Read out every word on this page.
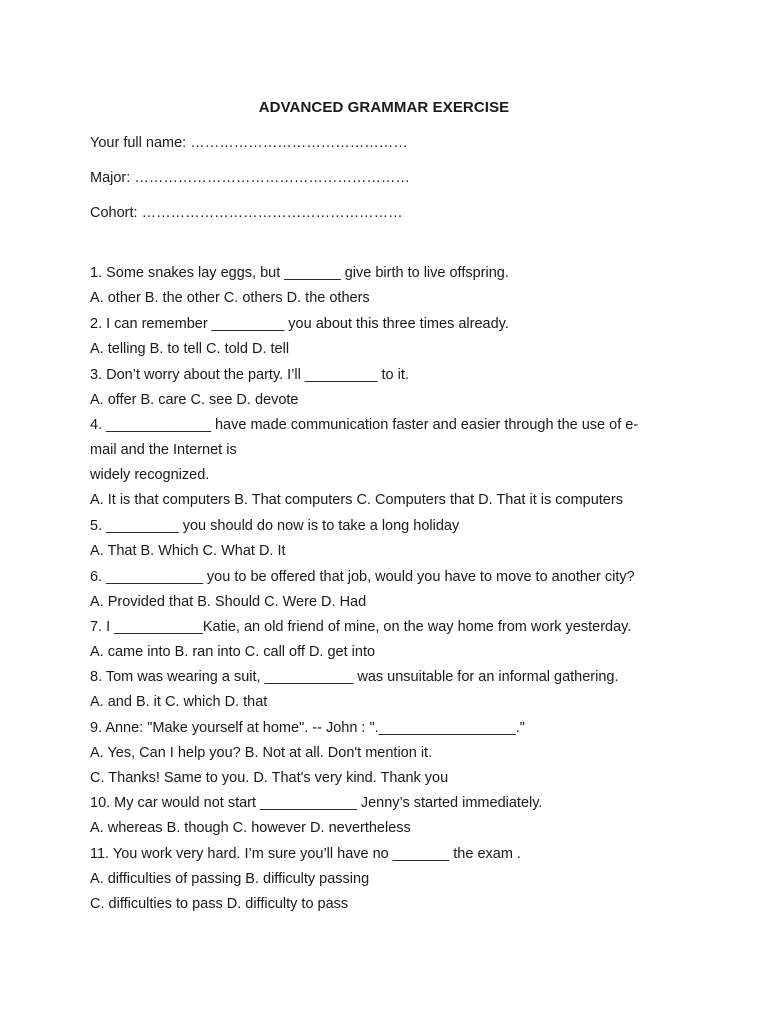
ADVANCED GRAMMAR EXERCISE
Your full name: ………………………………………
Major: …………………………………………………
Cohort: ………………………………………………
1. Some snakes lay eggs, but _______ give birth to live offspring.
A. other B. the other C. others D. the others
2. I can remember _________ you about this three times already.
A. telling B. to tell C. told D. tell
3. Don’t worry about the party. I’ll _________ to it.
A. offer B. care C. see D. devote
4. _____________ have made communication faster and easier through the use of e-
mail and the Internet is
widely recognized.
A. It is that computers B. That computers C. Computers that D. That it is computers
5. _________ you should do now is to take a long holiday
A. That B. Which C. What D. It
6. ____________ you to be offered that job, would you have to move to another city?
A. Provided that B. Should C. Were D. Had
7. I ___________Katie, an old friend of mine, on the way home from work yesterday.
A. came into B. ran into C. call off D. get into
8. Tom was wearing a suit, ___________ was unsuitable for an informal gathering.
A. and B. it C. which D. that
9. Anne: "Make yourself at home". -- John : "._________________."
A. Yes, Can I help you? B. Not at all. Don't mention it.
C. Thanks! Same to you. D. That's very kind. Thank you
10. My car would not start ____________ Jenny’s started immediately.
A. whereas B. though C. however D. nevertheless
11. You work very hard. I’m sure you’ll have no _______ the exam .
A. difficulties of passing B. difficulty passing
C. difficulties to pass D. difficulty to pass
